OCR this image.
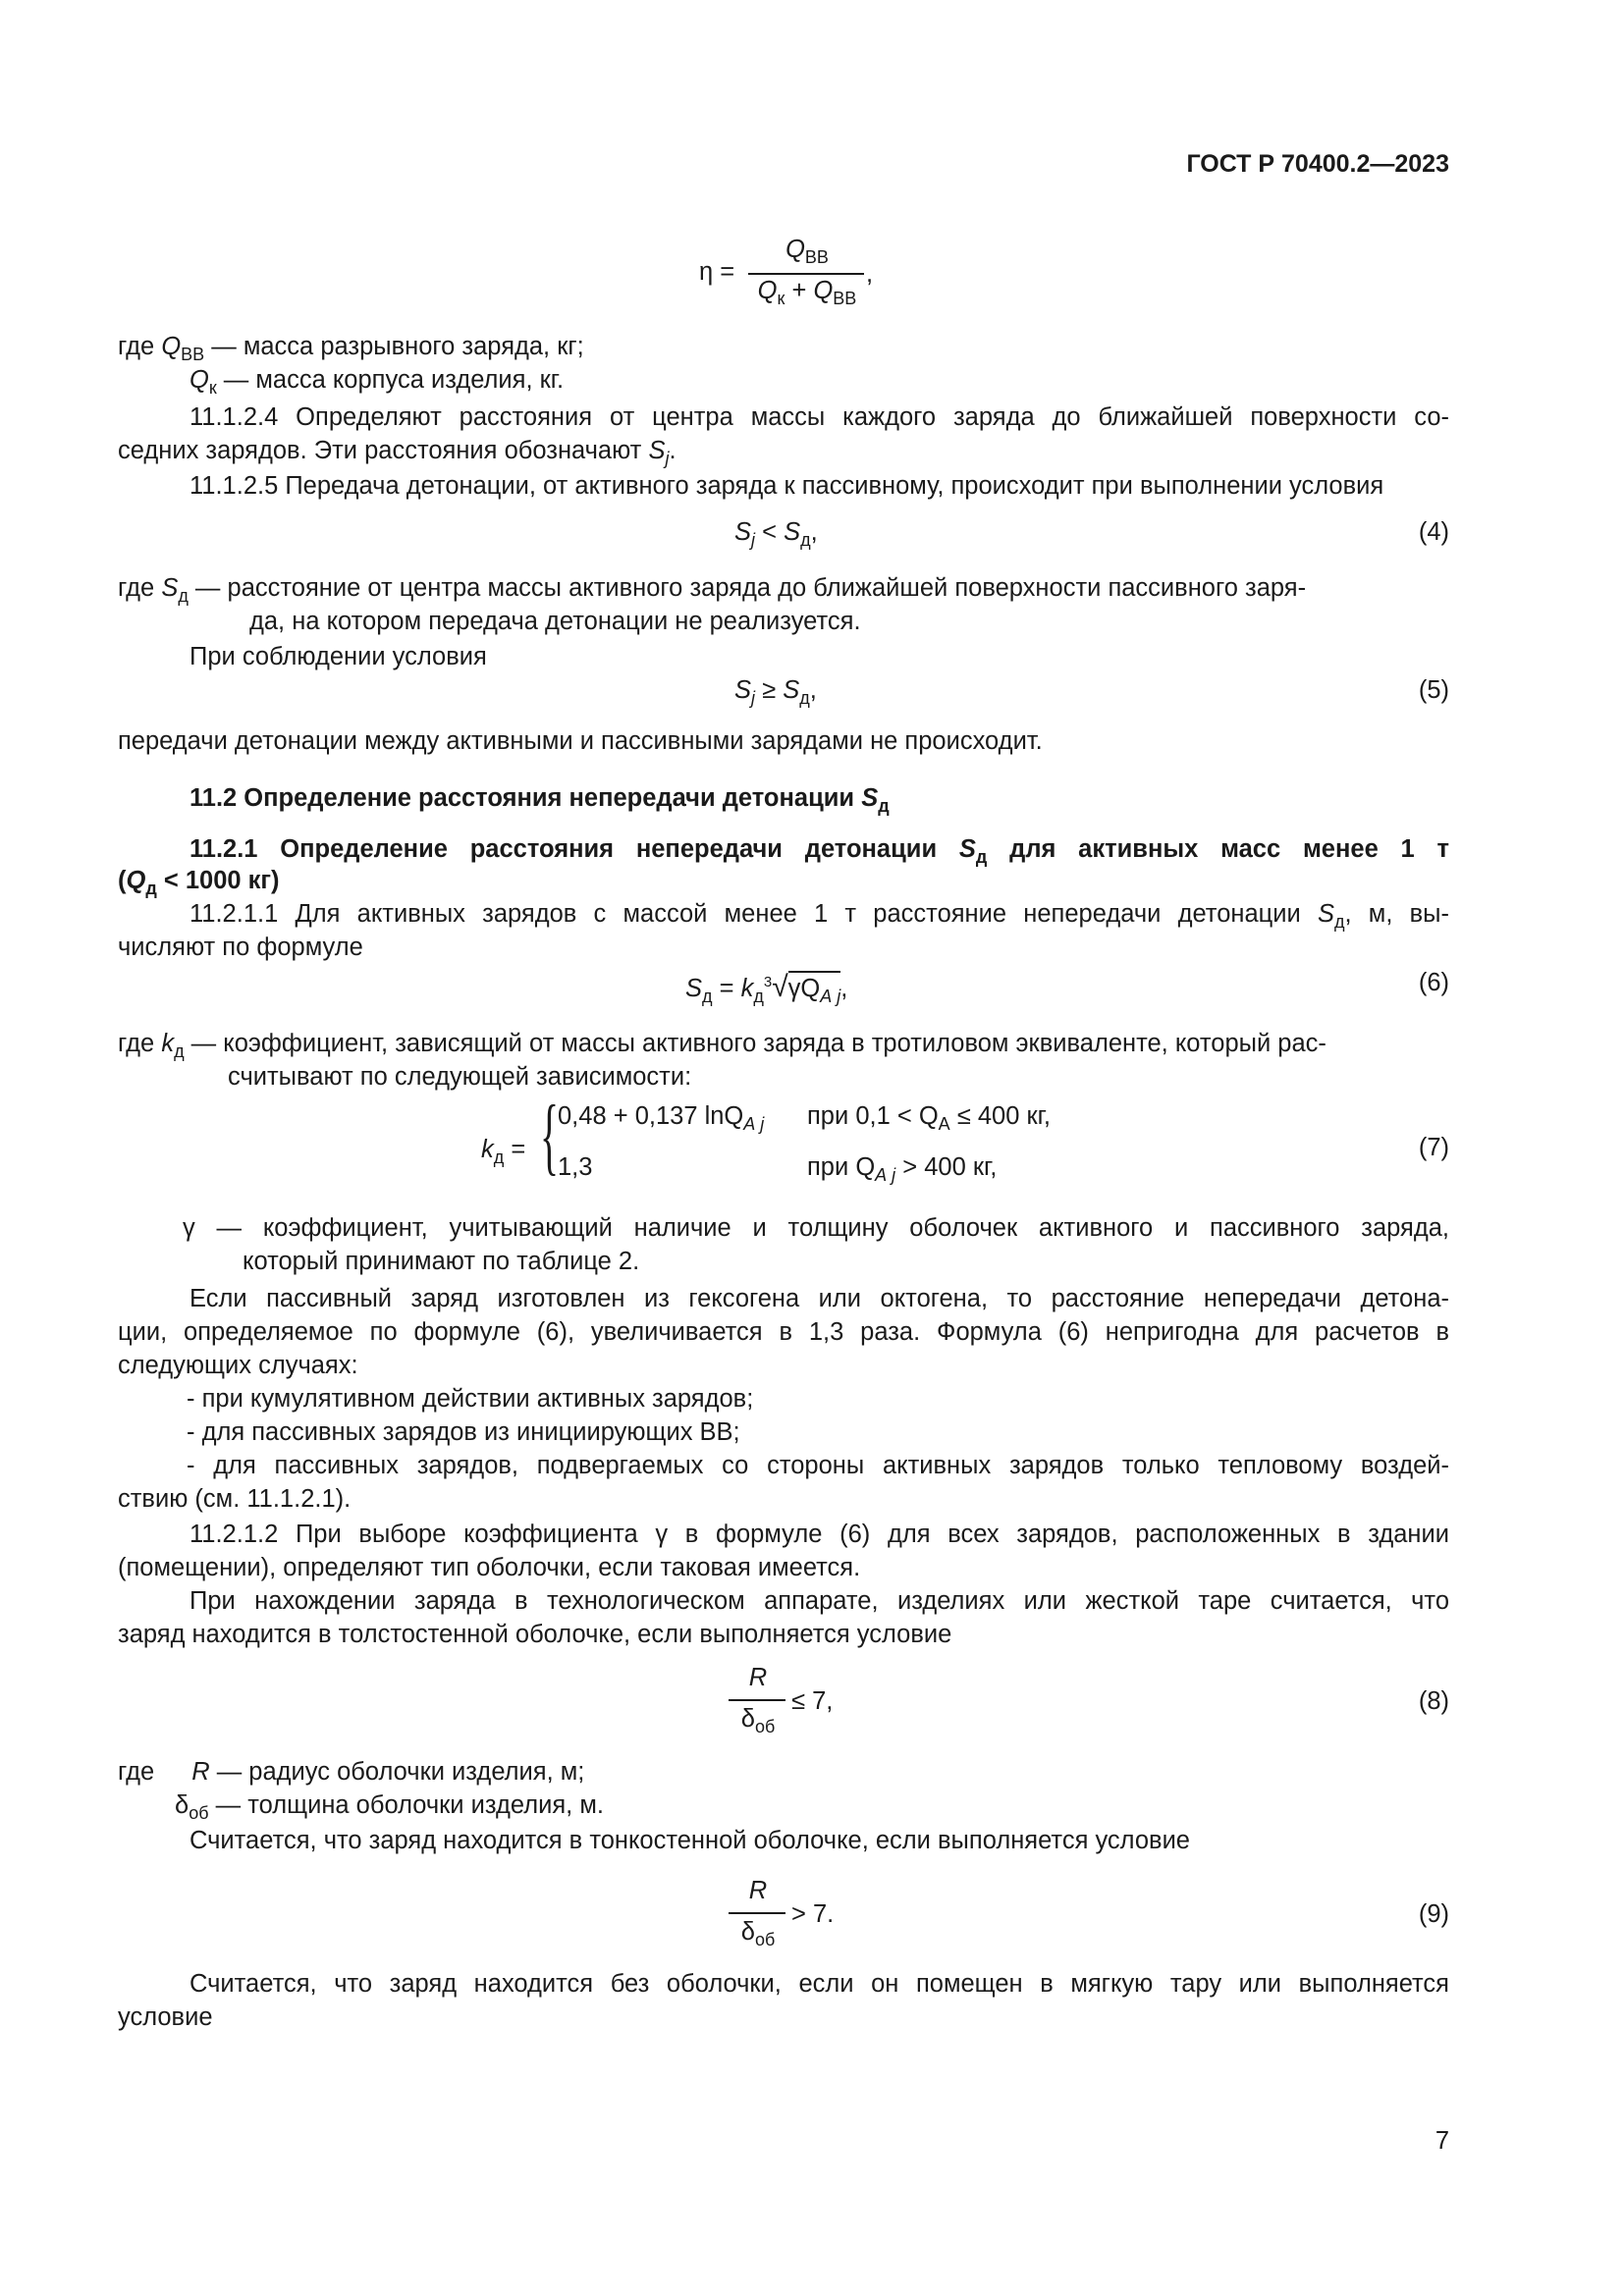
ГОСТ Р 70400.2—2023
η =
$Q_{ВВ}$
$Q_к + Q_{ВВ}$
,
где $Q_{ВВ}$ — масса разрывного заряда, кг;
$Q_к$ — масса корпуса изделия, кг.
11.1.2.4 Определяют расстояния от центра массы каждого заряда до ближайшей поверхности со-
седних зарядов. Эти расстояния обозначают $S_j$.
11.1.2.5 Передача детонации, от активного заряда к пассивному, происходит при выполнении условия
$S_j < S_д$,	(4)
где $S_д$ — расстояние от центра массы активного заряда до ближайшей поверхности пассивного заря-
да, на котором передача детонации не реализуется.
При соблюдении условия
$S_j \ge S_д$,	(5)
передачи детонации между активными и пассивными зарядами не происходит.
11.2 Определение расстояния непередачи детонации $S_д$
11.2.1 Определение расстояния непередачи детонации $S_д$ для активных масс менее 1 т
($Q_д < 1000$ кг)
11.2.1.1 Для активных зарядов с массой менее 1 т расстояние непередачи детонации $S_д$, м, вы-
числяют по формуле
$S_д = k_д^3√\gamma Q_{А j}$,	(6)
где $k_д$ — коэффициент, зависящий от массы активного заряда в тротиловом эквиваленте, который рас-
считывают по следующей зависимости:
$k_д$ = {
0,48 + 0,137 lnQ$_{А j}$ при $0,1 < Q_А \le 400$ кг,
1,3	при $Q_{А j} > 400$ кг,
(7)
γ — коэффициент, учитывающий наличие и толщину оболочек активного и пассивного заряда,
который принимают по таблице 2.
Если пассивный заряд изготовлен из гексогена или октогена, то расстояние непередачи детона-
ции, определяемое по формуле (6), увеличивается в 1,3 раза. Формула (6) непригодна для расчетов в
следующих случаях:
- при кумулятивном действии активных зарядов;
- для пассивных зарядов из инициирующих ВВ;
- для пассивных зарядов, подвергаемых со стороны активных зарядов только тепловому воздей-
ствию (см. 11.1.2.1).
11.2.1.2 При выборе коэффициента γ в формуле (6) для всех зарядов, расположенных в здании
(помещении), определяют тип оболочки, если таковая имеется.
При нахождении заряда в технологическом аппарате, изделиях или жесткой таре считается, что
заряд находится в толстостенной оболочке, если выполняется условие
R
$\delta_{об}$
≤ 7,	(8)
где R — радиус оболочки изделия, м;
$\delta_{об}$ — толщина оболочки изделия, м.
Считается, что заряд находится в тонкостенной оболочке, если выполняется условие
R
$\delta_{об}$
> 7.	(9)
Считается, что заряд находится без оболочки, если он помещен в мягкую тару или выполняется
условие
7
